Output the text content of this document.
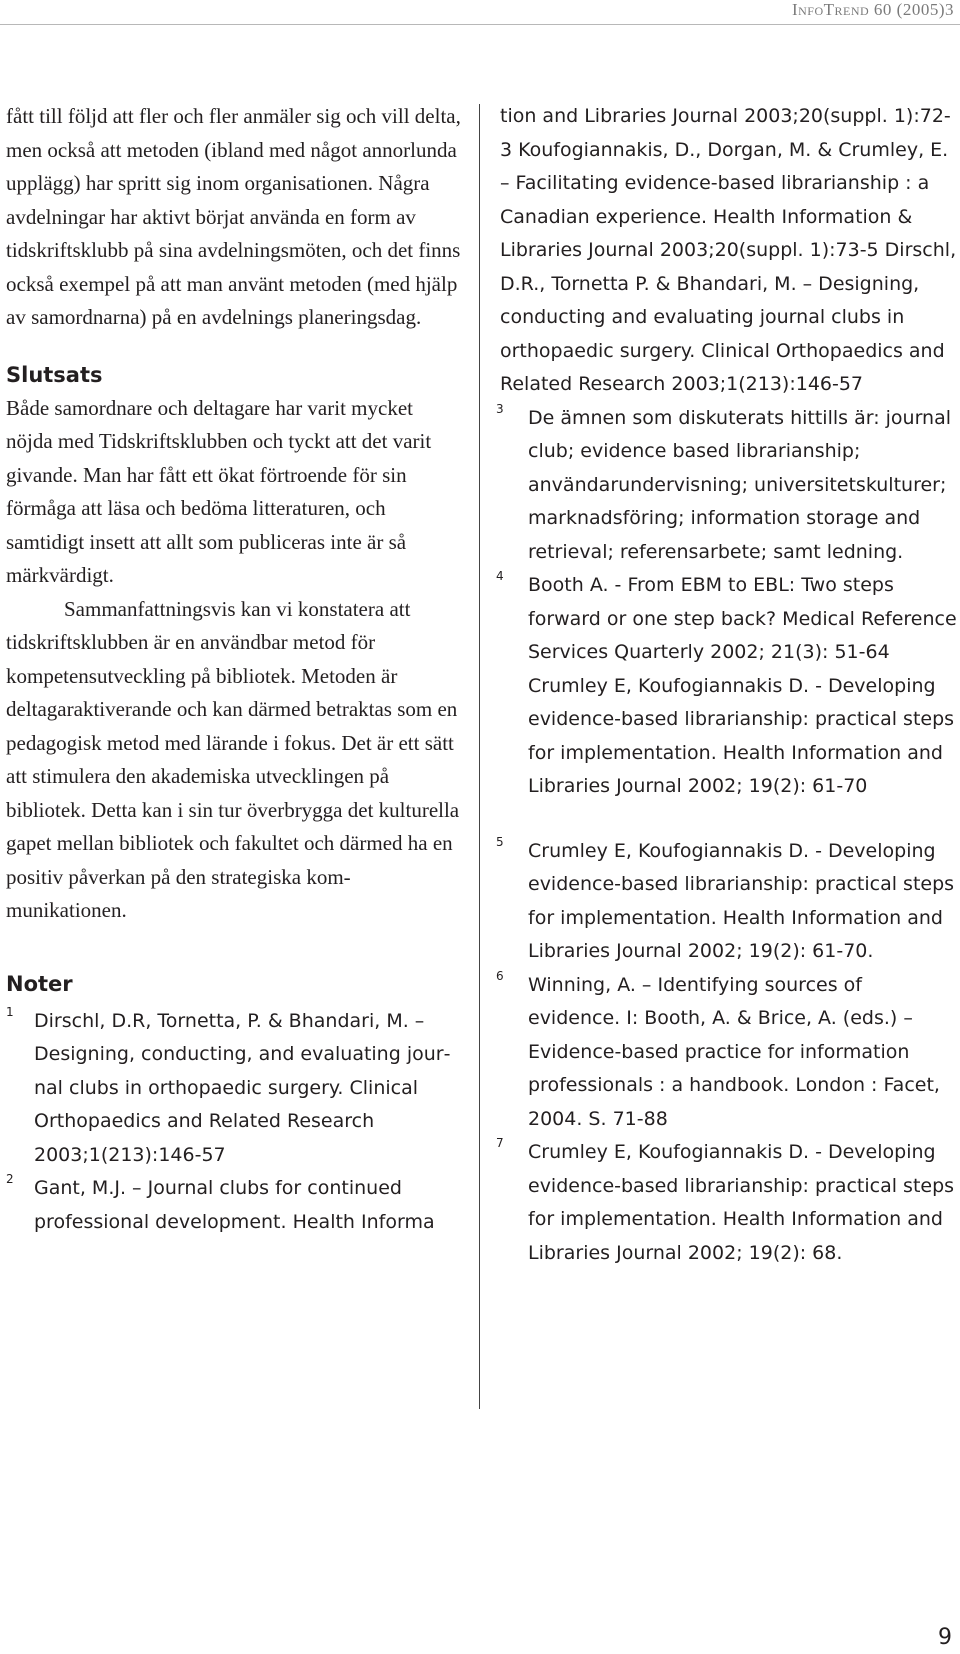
InfoTrend 60 (2005)3

fått till följd att fler och fler anmäler sig och vill delta, men också att metoden (ibland med något annorlunda upplägg) har spritt sig inom organisationen. Några avdelningar har aktivt börjat använda en form av tidskriftsklubb på sina avdelningsmöten, och det finns också exempel på att man använt metoden (med hjälp av samordnarna) på en avdelnings planeringsdag.

Slutsats

Både samordnare och deltagare har varit mycket nöjda med Tidskriftsklubben och tyckt att det varit givande. Man har fått ett ökat förtroende för sin förmåga att läsa och bedöma litteraturen, och samtidigt insett att allt som publiceras inte är så märkvärdigt.

Sammanfattningsvis kan vi konstatera att tidskriftsklubben är en användbar metod för kompetensutveckling på bibliotek. Metoden är deltagaraktiverande och kan därmed betraktas som en pedagogisk metod med lärande i fokus. Det är ett sätt att stimulera den akademiska utvecklingen på bibliotek. Detta kan i sin tur överbrygga det kulturella gapet mellan bibliotek och fakultet och därmed ha en positiv påverkan på den strategiska kommunikationen.

Noter
1 Dirschl, D.R, Tornetta, P. & Bhandari, M. – Designing, conducting, and evaluating journal clubs in orthopaedic surgery. Clinical Orthopaedics and Related Research 2003;1(213):146-57
2 Gant, M.J. – Journal clubs for continued professional development. Health Informa

tion and Libraries Journal 2003;20(suppl. 1):72-3 Koufogiannakis, D., Dorgan, M. & Crumley, E. – Facilitating evidence-based librarianship : a Canadian experience. Health Information & Libraries Journal 2003;20(suppl. 1):73-5 Dirschl, D.R., Tornetta P. & Bhandari, M. – Designing, conducting and evaluating journal clubs in orthopaedic surgery. Clinical Orthopaedics and Related Research 2003;1(213):146-57

3 De ämnen som diskuterats hittills är: journal club; evidence based librarianship; användarundervisning; universitetskulturer; marknadsföring; information storage and retrieval; referensarbete; samt ledning.
4 Booth A. - From EBM to EBL: Two steps forward or one step back? Medical Reference Services Quarterly 2002; 21(3): 51-64 Crumley E, Koufogiannakis D. - Developing evidence-based librarianship: practical steps for implementation. Health Information and Libraries Journal 2002; 19(2): 61-70
5 Crumley E, Koufogiannakis D. - Developing evidence-based librarianship: practical steps for implementation. Health Information and Libraries Journal 2002; 19(2): 61-70.
6 Winning, A. – Identifying sources of evidence. I: Booth, A. & Brice, A. (eds.) – Evidence-based practice for information professionals : a handbook. London : Facet, 2004. S. 71-88
7 Crumley E, Koufogiannakis D. - Developing evidence-based librarianship: practical steps for implementation. Health Information and Libraries Journal 2002; 19(2): 68.
9
